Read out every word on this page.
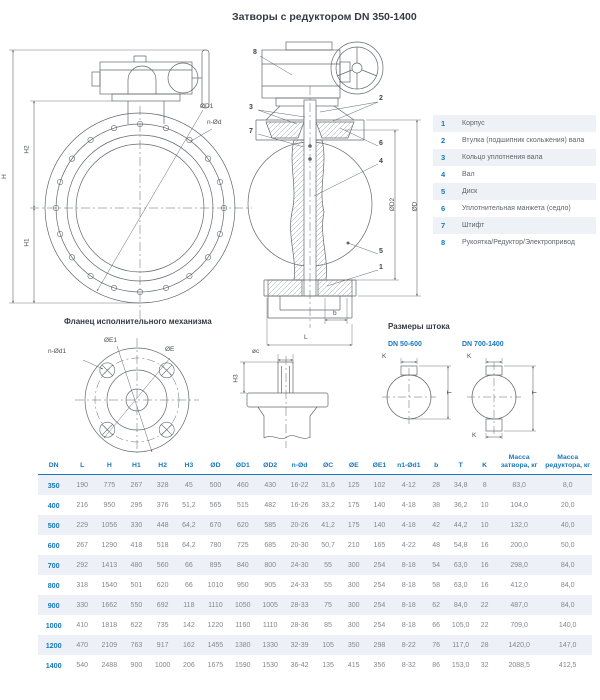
Затворы с редуктором DN 350-1400
H
H2
H1
ØD1
n-Ød
ØD2 ØD
b
L
8
2
3
7
6
4
5
1
Фланец исполнительного механизма
n-Ød1
ØE1
ØE	øc
H3
Размеры штока
DN 50-600	DN 700-1400
K
T
K
K
T
1	Корпус
2	Втулка (подшипник скольжения) вала
3	Кольцо уплотнения вала
4	Вал
5	Диск
6	Уплотнительная манжета (седло)
7	Штифт
8	Рукоятка/Редуктор/Электропривод
DN	L	H	H1	H2	H3	ØD	ØD1	ØD2	n-Ød	ØC	ØE	ØE1	n1-Ød1	b	T	K	Масса затвора, кг	Масса редуктора, кг
350	190	775	267	328	45	500	460	430	16-22	31,6	125	102	4-12	28	34,8	8	83,0	8,0
400	216	950	295	376	51,2	565	515	482	16-26	33,2	175	140	4-18	38	36,2	10	104,0	20,0
500	229	1056	330	448	64,2	670	620	585	20-26	41,2	175	140	4-18	42	44,2	10	132,0	40,0
600	267	1290	418	518	64,2	780	725	685	20-30	50,7	210	165	4-22	48	54,8	16	200,0	50,0
700	292	1413	480	560	66	895	840	800	24-30	55	300	254	8-18	54	63,0	16	298,0	84,0
800	318	1540	501	620	66	1010	950	905	24-33	55	300	254	8-18	58	63,0	16	412,0	84,0
900	330	1662	550	692	118	1110	1050	1005	28-33	75	300	254	8-18	62	84,0	22	487,0	84,0
1000	410	1818	622	735	142	1220	1160	1110	28-36	85	300	254	8-18	66	105,0	22	709,0	140,0
1200	470	2109	763	917	162	1455	1380	1330	32-39	105	350	298	8-22	76	117,0	28	1420,0	147,0
1400	540	2488	900	1000	206	1675	1590	1530	36-42	135	415	356	8-32	86	153,0	32	2088,5	412,5
